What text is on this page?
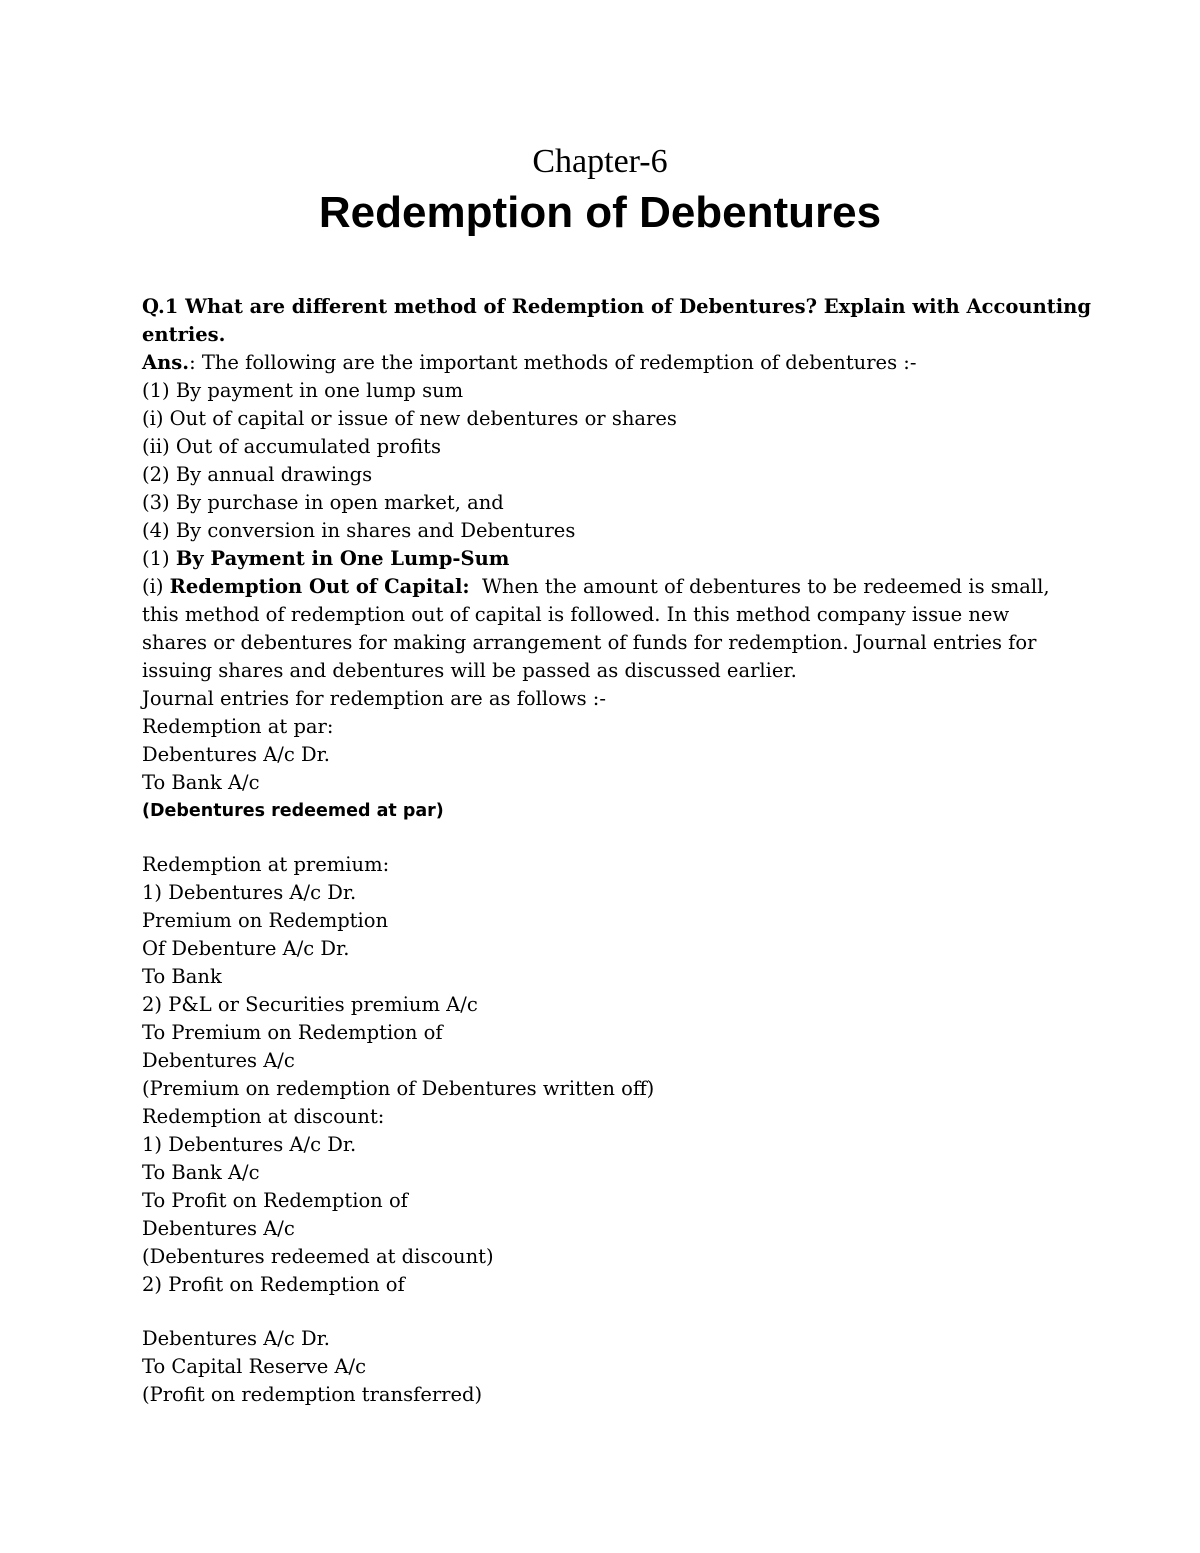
Chapter-6
Redemption of Debentures
Q.1 What are different method of Redemption of Debentures? Explain with Accounting
entries.
Ans.: The following are the important methods of redemption of debentures :-
(1) By payment in one lump sum
(i) Out of capital or issue of new debentures or shares
(ii) Out of accumulated profits
(2) By annual drawings
(3) By purchase in open market, and
(4) By conversion in shares and Debentures
(1) By Payment in One Lump-Sum
(i) Redemption Out of Capital: When the amount of debentures to be redeemed is small,
this method of redemption out of capital is followed. In this method company issue new
shares or debentures for making arrangement of funds for redemption. Journal entries for
issuing shares and debentures will be passed as discussed earlier.
Journal entries for redemption are as follows :-
Redemption at par:
Debentures A/c Dr.
To Bank A/c
(Debentures redeemed at par)
Redemption at premium:
1) Debentures A/c Dr.
Premium on Redemption
Of Debenture A/c Dr.
To Bank
2) P&L or Securities premium A/c
To Premium on Redemption of
Debentures A/c
(Premium on redemption of Debentures written off)
Redemption at discount:
1) Debentures A/c Dr.
To Bank A/c
To Profit on Redemption of
Debentures A/c
(Debentures redeemed at discount)
2) Profit on Redemption of
Debentures A/c Dr.
To Capital Reserve A/c
(Profit on redemption transferred)
